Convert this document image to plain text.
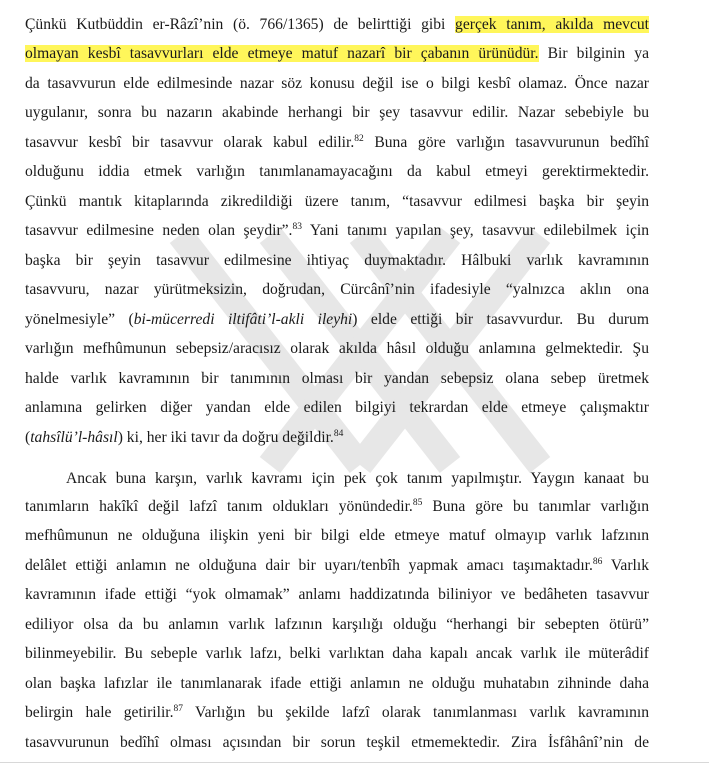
Çünkü Kutbüddin er-Râzî’nin (ö. 766/1365) de belirttiği gibi gerçek tanım, akılda mevcut
olmayan kesbî tasavvurları elde etmeye matuf nazarî bir çabanın ürünüdür. Bir bilginin ya
da tasavvurun elde edilmesinde nazar söz konusu değil ise o bilgi kesbî olamaz. Önce nazar
uygulanır, sonra bu nazarın akabinde herhangi bir şey tasavvur edilir. Nazar sebebiyle bu
tasavvur kesbî bir tasavvur olarak kabul edilir.$^{82}$ Buna göre varlığın tasavvurunun bedîhî
olduğunu iddia etmek varlığın tanımlanamayacağını da kabul etmeyi gerektirmektedir.
Çünkü mantık kitaplarında zikredildiği üzere tanım, “tasavvur edilmesi başka bir şeyin
tasavvur edilmesine neden olan şeydir”.$^{83}$ Yani tanımı yapılan şey, tasavvur edilebilmek için
başka bir şeyin tasavvur edilmesine ihtiyaç duymaktadır. Hâlbuki varlık kavramının
tasavvuru, nazar yürütmeksizin, doğrudan, Cürcânî’nin ifadesiyle “yalnızca aklın ona
yönelmesiyle” (bi-mücerredi iltifâti’l-akli ileyhi) elde ettiği bir tasavvurdur. Bu durum
varlığın mefhûmunun sebepsiz/aracısız olarak akılda hâsıl olduğu anlamına gelmektedir. Şu
halde varlık kavramının bir tanımının olması bir yandan sebepsiz olana sebep üretmek
anlamına gelirken diğer yandan elde edilen bilgiyi tekrardan elde etmeye çalışmaktır
(tahsîlü’l-hâsıl) ki, her iki tavır da doğru değildir.$^{84}$
Ancak buna karşın, varlık kavramı için pek çok tanım yapılmıştır. Yaygın kanaat bu
tanımların hakîkî değil lafzî tanım oldukları yönündedir.$^{85}$ Buna göre bu tanımlar varlığın
mefhûmunun ne olduğuna ilişkin yeni bir bilgi elde etmeye matuf olmayıp varlık lafzının
delâlet ettiği anlamın ne olduğuna dair bir uyarı/tenbîh yapmak amacı taşımaktadır.$^{86}$ Varlık
kavramının ifade ettiği “yok olmamak” anlamı haddizatında biliniyor ve bedâheten tasavvur
ediliyor olsa da bu anlamın varlık lafzının karşılığı olduğu “herhangi bir sebepten ötürü”
bilinmeyebilir. Bu sebeple varlık lafzı, belki varlıktan daha kapalı ancak varlık ile müterâdif
olan başka lafızlar ile tanımlanarak ifade ettiği anlamın ne olduğu muhatabın zihninde daha
belirgin hale getirilir.$^{87}$ Varlığın bu şekilde lafzî olarak tanımlanması varlık kavramının
tasavvurunun bedîhî olması açısından bir sorun teşkil etmemektedir. Zira İsfâhânî’nin de
